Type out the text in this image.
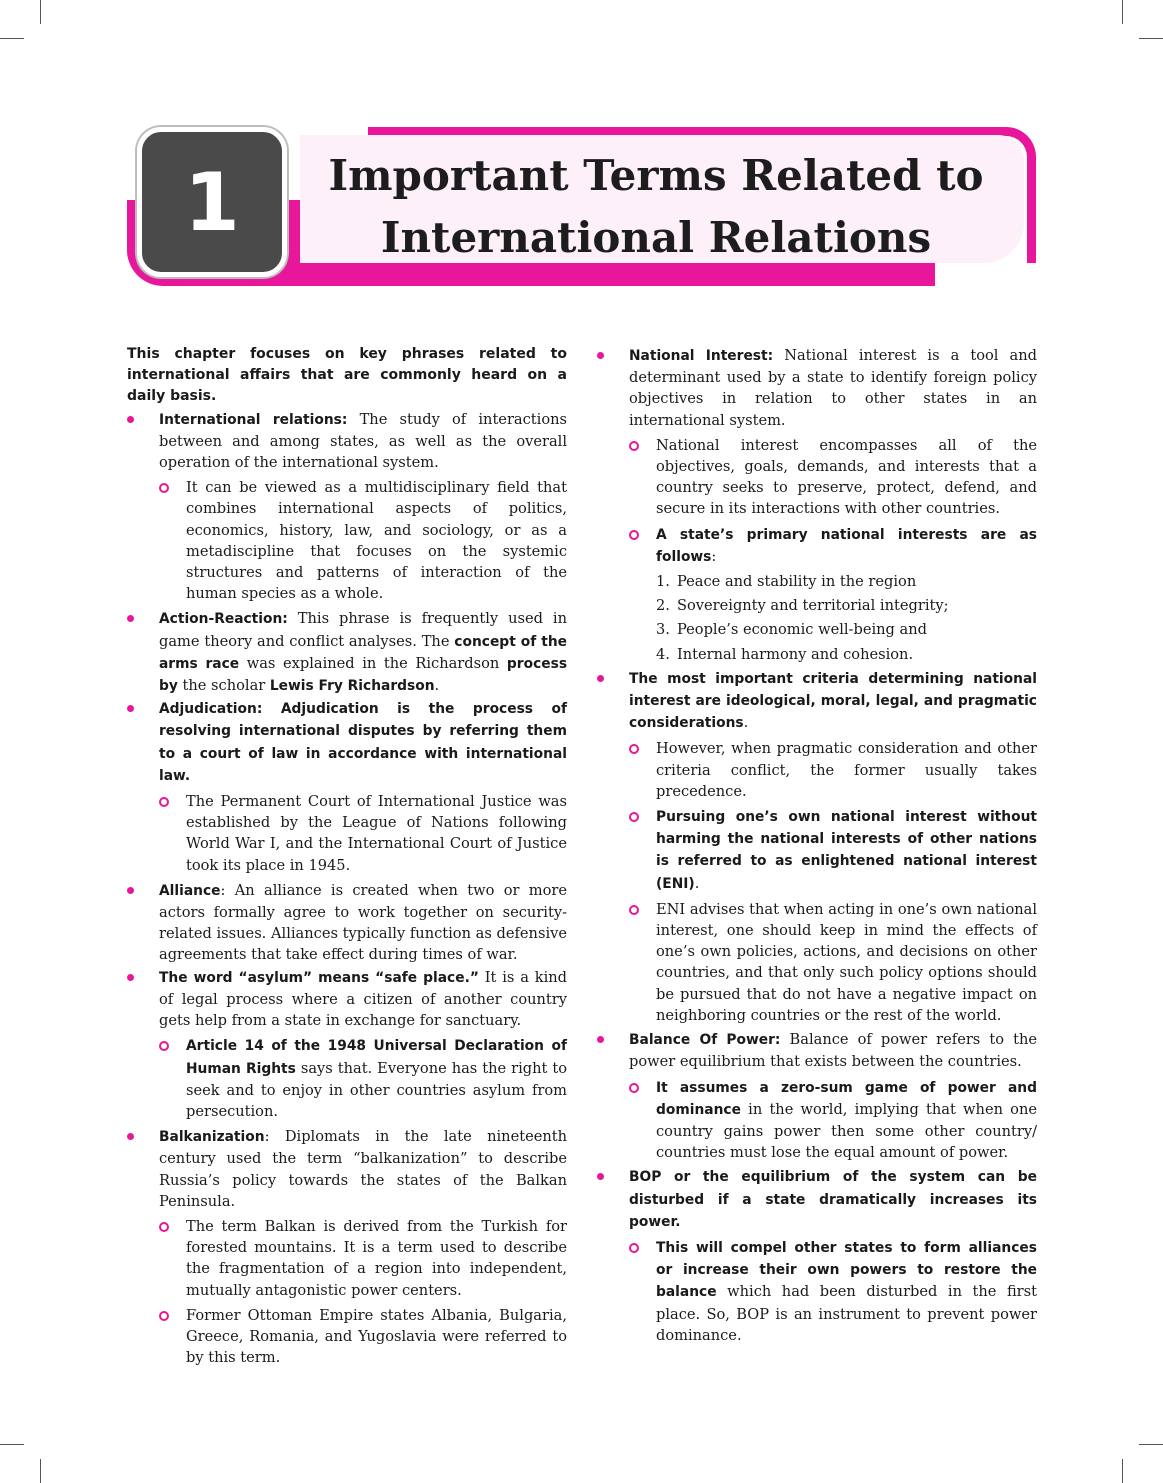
1	Important Terms Related to
International Relations

This chapter focuses on key phrases related to international affairs that are commonly heard on a daily basis.

International relations: The study of interactions between and among states, as well as the overall operation of the international system.
It can be viewed as a multidisciplinary field that combines international aspects of politics, economics, history, law, and sociology, or as a metadiscipline that focuses on the systemic structures and patterns of interaction of the human species as a whole.
Action-Reaction: This phrase is frequently used in game theory and conflict analyses. The concept of the arms race was explained in the Richardson process by the scholar Lewis Fry Richardson.
Adjudication: Adjudication is the process of resolving international disputes by referring them to a court of law in accordance with international law.
The Permanent Court of International Justice was established by the League of Nations following World War I, and the International Court of Justice took its place in 1945.
Alliance: An alliance is created when two or more actors formally agree to work together on security-related issues. Alliances typically function as defensive agreements that take effect during times of war.
The word “asylum” means “safe place.” It is a kind of legal process where a citizen of another country gets help from a state in exchange for sanctuary.
Article 14 of the 1948 Universal Declaration of Human Rights says that. Everyone has the right to seek and to enjoy in other countries asylum from persecution.
Balkanization: Diplomats in the late nineteenth century used the term “balkanization” to describe Russia’s policy towards the states of the Balkan Peninsula.
The term Balkan is derived from the Turkish for forested mountains. It is a term used to describe the fragmentation of a region into independent, mutually antagonistic power centers.
Former Ottoman Empire states Albania, Bulgaria, Greece, Romania, and Yugoslavia were referred to by this term.
National Interest: National interest is a tool and determinant used by a state to identify foreign policy objectives in relation to other states in an international system.
National interest encompasses all of the objectives, goals, demands, and interests that a country seeks to preserve, protect, defend, and secure in its interactions with other countries.
A state’s primary national interests are as follows:
1. Peace and stability in the region
2. Sovereignty and territorial integrity;
3. People’s economic well-being and
4. Internal harmony and cohesion.
The most important criteria determining national interest are ideological, moral, legal, and pragmatic considerations.
However, when pragmatic consideration and other criteria conflict, the former usually takes precedence.
Pursuing one’s own national interest without harming the national interests of other nations is referred to as enlightened national interest (ENI).
ENI advises that when acting in one’s own national interest, one should keep in mind the effects of one’s own policies, actions, and decisions on other countries, and that only such policy options should be pursued that do not have a negative impact on neighboring countries or the rest of the world.
Balance Of Power: Balance of power refers to the power equilibrium that exists between the countries.
It assumes a zero-sum game of power and dominance in the world, implying that when one country gains power then some other country/ countries must lose the equal amount of power.
BOP or the equilibrium of the system can be disturbed if a state dramatically increases its power.
This will compel other states to form alliances or increase their own powers to restore the balance which had been disturbed in the first place. So, BOP is an instrument to prevent power dominance.
